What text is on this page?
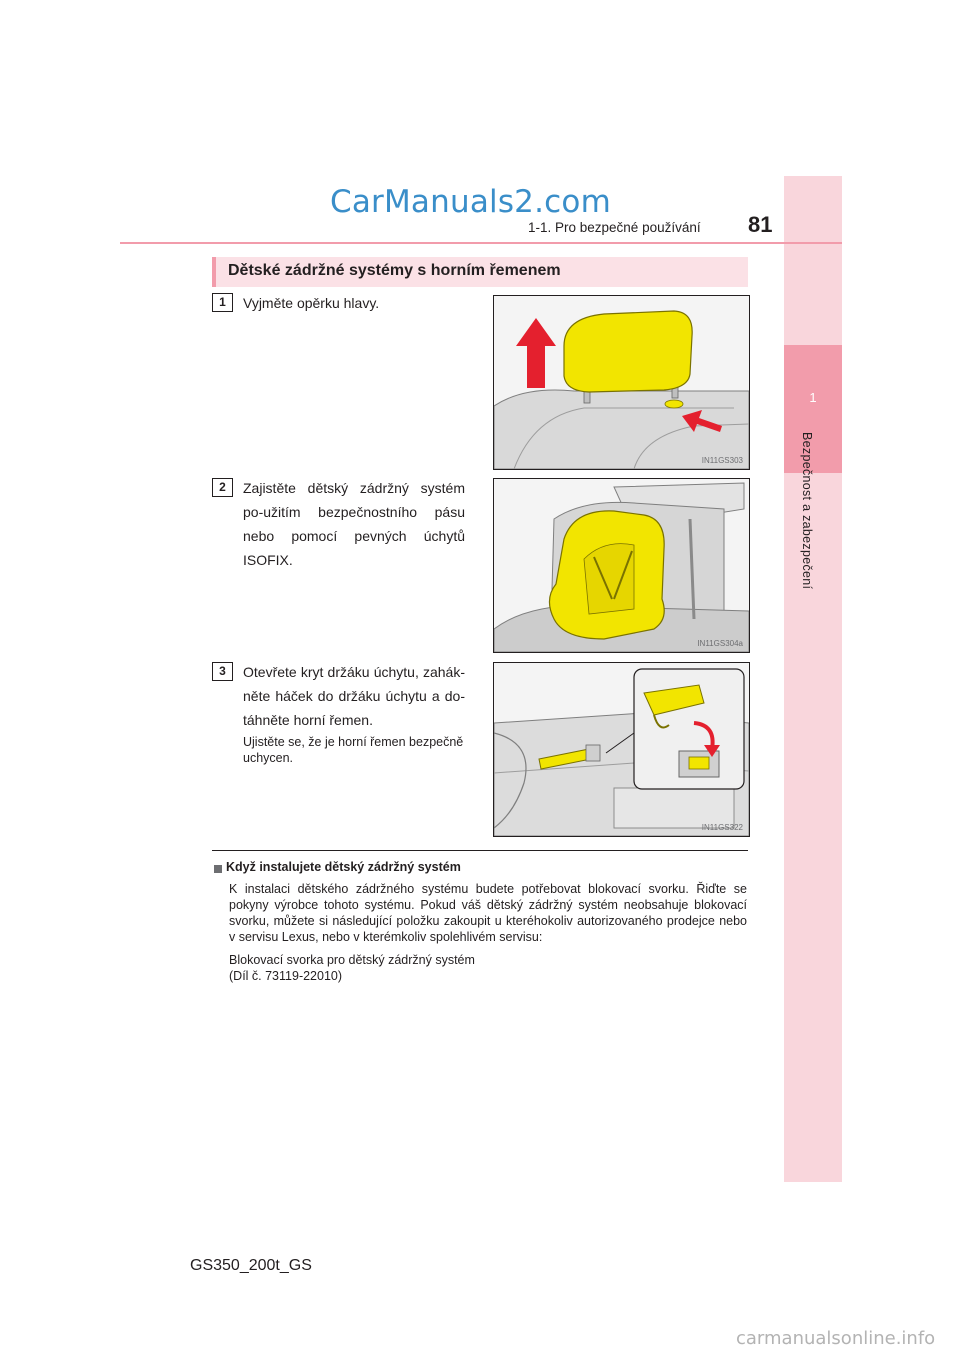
1
Bezpečnost a zabezpečení
CarManuals2.com
1-1. Pro bezpečné používání 81
Dětské zádržné systémy s horním řemenem
1	Vyjměte opěrku hlavy.
IN11GS303
2	Zajistěte dětský zádržný systém po-užitím bezpečnostního pásu nebo pomocí pevných úchytů ISOFIX.
IN11GS304a
3	Otevřete kryt držáku úchytu, zahák-něte háček do držáku úchytu a do-táhněte horní řemen.
Ujistěte se, že je horní řemen bezpečně uchycen.
IN11GS322
Když instalujete dětský zádržný systém
K instalaci dětského zádržného systému budete potřebovat blokovací svorku. Řiďte se pokyny výrobce tohoto systému. Pokud váš dětský zádržný systém neobsahuje blokovací svorku, můžete si následující položku zakoupit u kteréhokoliv autorizovaného prodejce nebo v servisu Lexus, nebo v kterémkoliv spolehlivém servisu:
Blokovací svorka pro dětský zádržný systém
(Díl č. 73119-22010)
GS350_200t_GS
carmanualsonline.info
